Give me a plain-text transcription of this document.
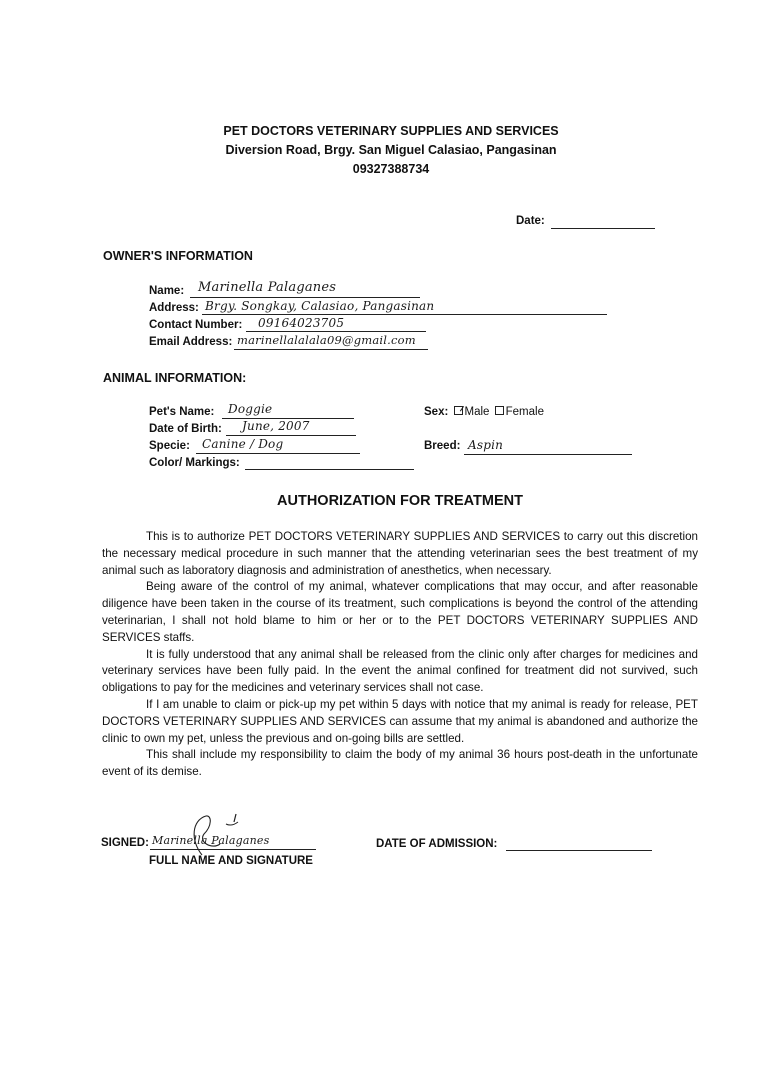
PET DOCTORS VETERINARY SUPPLIES AND SERVICES
Diversion Road, Brgy. San Miguel Calasiao, Pangasinan
09327388734
Date:
OWNER'S INFORMATION
Name: Marinella Palaganes
Address: Brgy. Songkay, Calasiao, Pangasinan
Contact Number: 09164023705
Email Address: marinellalalala09@gmail.com
ANIMAL INFORMATION:
Pet's Name: Doggie
Date of Birth: June, 2007
Specie: Canine / Dog
Color/ Markings:
Sex: Male Female
Breed: Aspin
AUTHORIZATION FOR TREATMENT

This is to authorize PET DOCTORS VETERINARY SUPPLIES AND SERVICES to carry out this discretion the necessary medical procedure in such manner that the attending veterinarian sees the best treatment of my animal such as laboratory diagnosis and administration of anesthetics, when necessary.

Being aware of the control of my animal, whatever complications that may occur, and after reasonable diligence have been taken in the course of its treatment, such complications is beyond the control of the attending veterinarian, I shall not hold blame to him or her or to the PET DOCTORS VETERINARY SUPPLIES AND SERVICES staffs.

It is fully understood that any animal shall be released from the clinic only after charges for medicines and veterinary services have been fully paid. In the event the animal confined for treatment did not survived, such obligations to pay for the medicines and veterinary services shall not case.

If I am unable to claim or pick-up my pet within 5 days with notice that my animal is ready for release, PET DOCTORS VETERINARY SUPPLIES AND SERVICES can assume that my animal is abandoned and authorize the clinic to own my pet, unless the previous and on-going bills are settled.

This shall include my responsibility to claim the body of my animal 36 hours post-death in the unfortunate event of its demise.

SIGNED: Marinella Palaganes
FULL NAME AND SIGNATURE
DATE OF ADMISSION:
